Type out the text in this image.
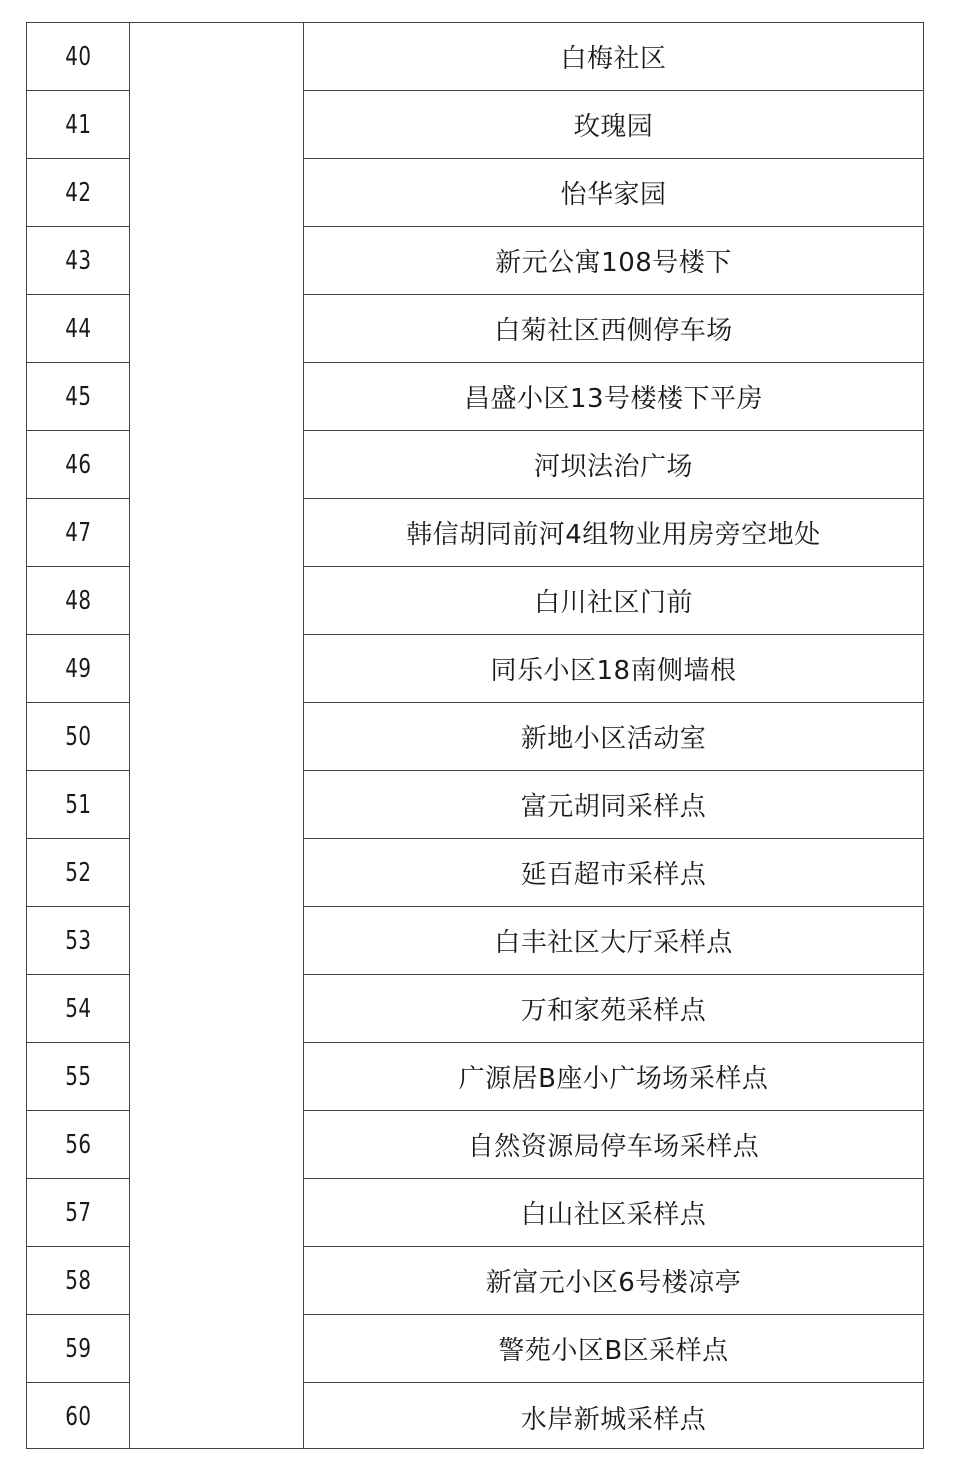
40
41
42
43
44
45
46
47
48
49
50
51
52
53
54
55
56
57
58
59
60
白梅社区
玫瑰园
怡华家园
新元公寓108号楼下
白菊社区西侧停车场
昌盛小区13号楼楼下平房
河坝法治广场
韩信胡同前河4组物业用房旁空地处
白川社区门前
同乐小区18南侧墙根
新地小区活动室
富元胡同采样点
延百超市采样点
白丰社区大厅采样点
万和家苑采样点
广源居B座小广场场采样点
自然资源局停车场采样点
白山社区采样点
新富元小区6号楼凉亭
警苑小区B区采样点
水岸新城采样点
